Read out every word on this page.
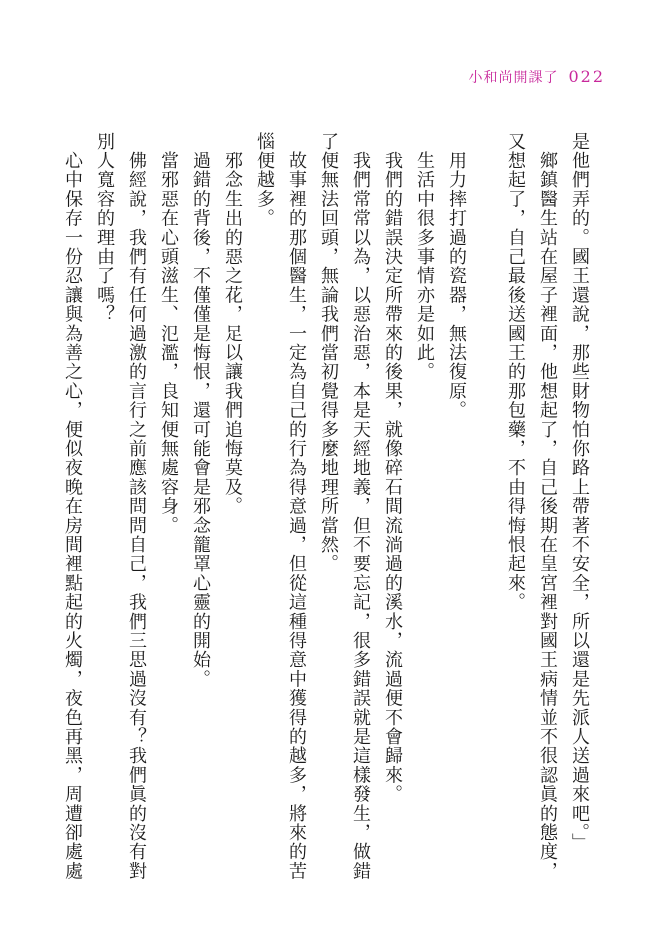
小和尚開課了 022
是他們弄的。國王還說，那些財物怕你路上帶著不安全，所以還是先派人送過來吧。」
　鄉鎮醫生站在屋子裡面，他想起了，自己後期在皇宮裡對國王病情並不很認眞的態度，
又想起了，自己最後送國王的那包藥，不由得悔恨起來。
　用力摔打過的瓷器，無法復原。
　生活中很多事情亦是如此。
　我們的錯誤決定所帶來的後果，就像碎石間流淌過的溪水，流過便不會歸來。
　我們常常以為，以惡治惡，本是天經地義，但不要忘記，很多錯誤就是這樣發生，做錯
了便無法回頭，無論我們當初覺得多麼地理所當然。
　故事裡的那個醫生，一定為自己的行為得意過，但從這種得意中獲得的越多，將來的苦
惱便越多。
　邪念生出的惡之花，足以讓我們追悔莫及。
　過錯的背後，不僅僅是悔恨，還可能會是邪念籠罩心靈的開始。
　當邪惡在心頭滋生、氾濫，良知便無處容身。
　佛經說，我們有任何過激的言行之前應該問問自己，我們三思過沒有？我們眞的沒有對
別人寬容的理由了嗎？
　心中保存一份忍讓與為善之心，便似夜晚在房間裡點起的火燭，夜色再黑，周遭卻處處
